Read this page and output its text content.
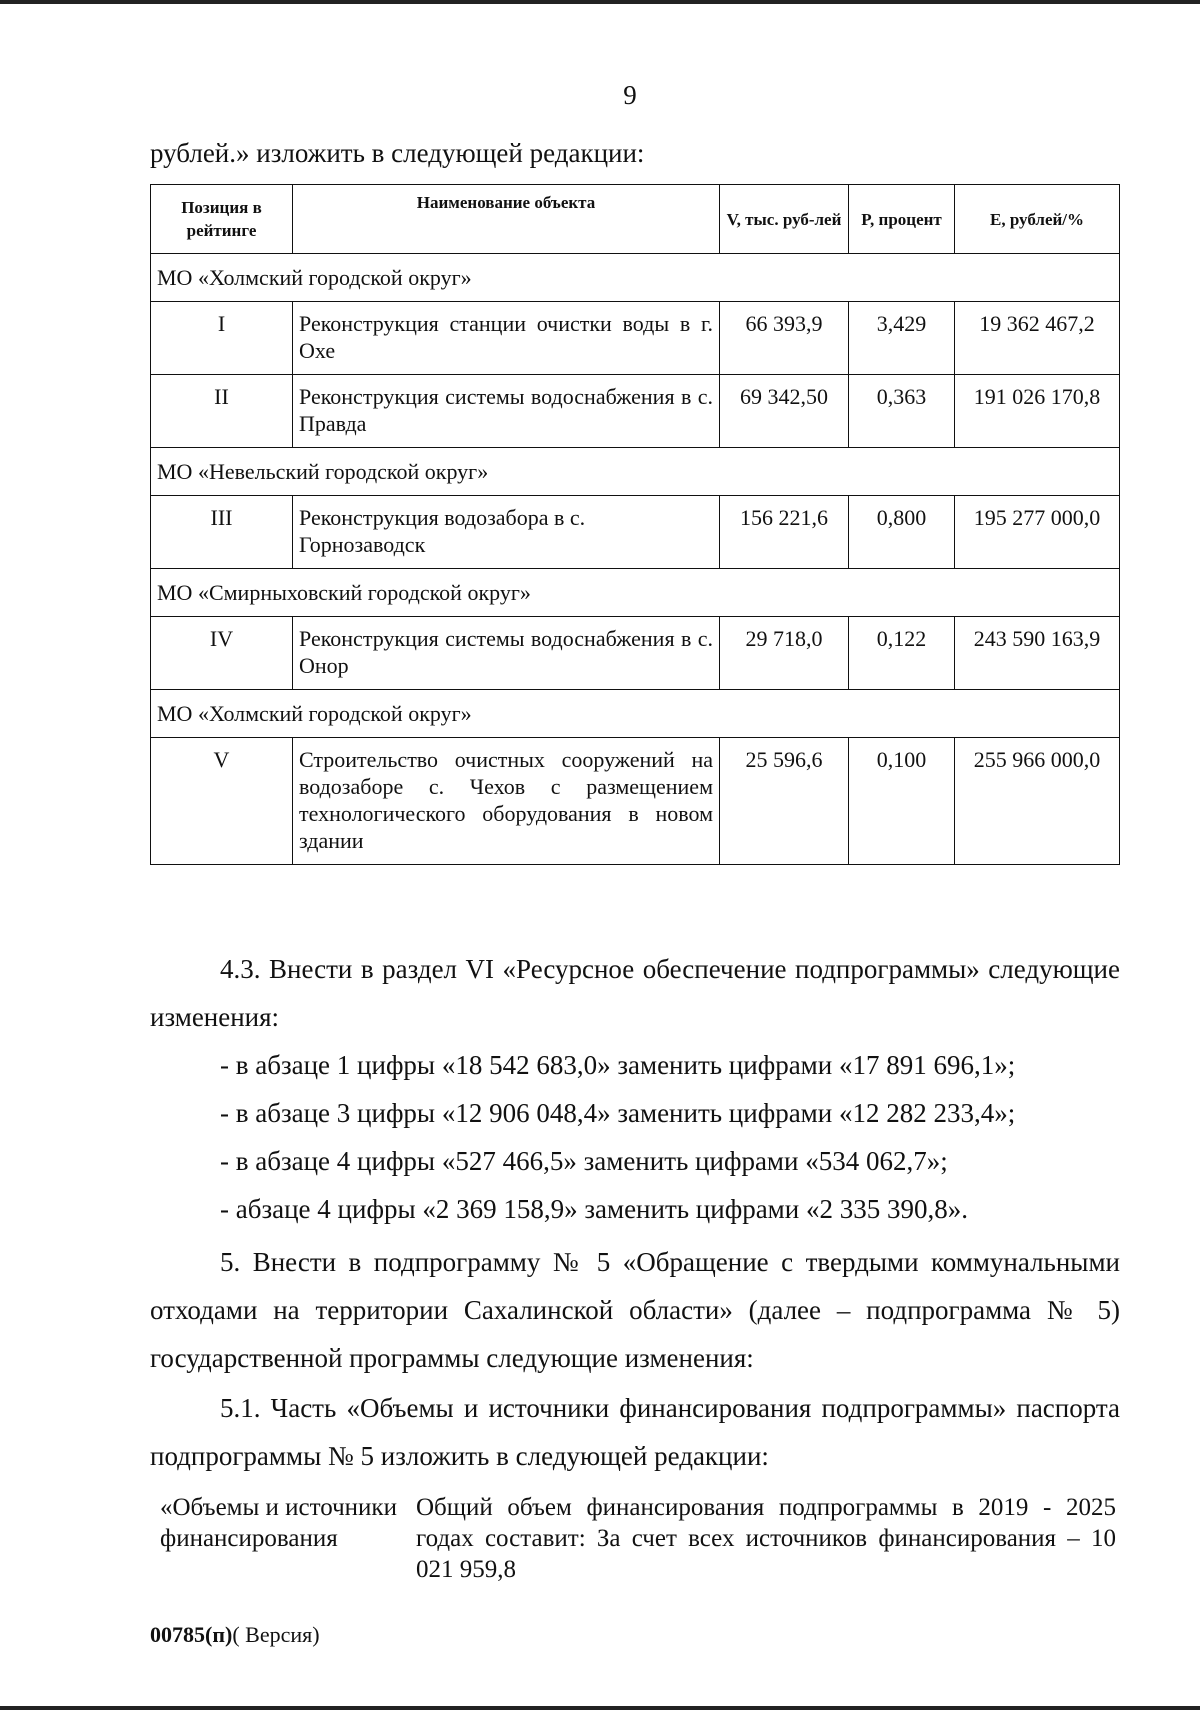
9
рублей.» изложить в следующей редакции:
Позиция в рейтинге	Наименование объекта	V, тыс. руб-лей	P, процент	E, рублей/%
МО «Холмский городской округ»				
I	Реконструкция станции очистки воды в г. Охе	66 393,9	3,429	19 362 467,2
II	Реконструкция системы водоснабжения в с. Правда	69 342,50	0,363	191 026 170,8
МО «Невельский городской округ»				
III	Реконструкция водозабора в с. Горнозаводск	156 221,6	0,800	195 277 000,0
МО «Смирныховский городской округ»				
IV	Реконструкция системы водоснабжения в с. Онор	29 718,0	0,122	243 590 163,9
МО «Холмский городской округ»				
V	Строительство очистных сооружений на водозаборе с. Чехов с размещением технологического оборудования в новом здании	25 596,6	0,100	255 966 000,0
4.3. Внести в раздел VI «Ресурсное обеспечение подпрограммы» следующие изменения:
- в абзаце 1 цифры «18 542 683,0» заменить цифрами «17 891 696,1»;
- в абзаце 3 цифры «12 906 048,4» заменить цифрами «12 282 233,4»;
- в абзаце 4 цифры «527 466,5» заменить цифрами «534 062,7»;
- абзаце 4 цифры «2 369 158,9» заменить цифрами «2 335 390,8».
5. Внести в подпрограмму № 5 «Обращение с твердыми коммунальными отходами на территории Сахалинской области» (далее – подпрограмма № 5) государственной программы следующие изменения:
5.1. Часть «Объемы и источники финансирования подпрограммы» паспорта подпрограммы № 5 изложить в следующей редакции:
«Объемы и источники финансирования
Общий объем финансирования подпрограммы в 2019 - 2025 годах составит: За счет всех источников финансирования – 10 021 959,8
00785(п)( Версия)
